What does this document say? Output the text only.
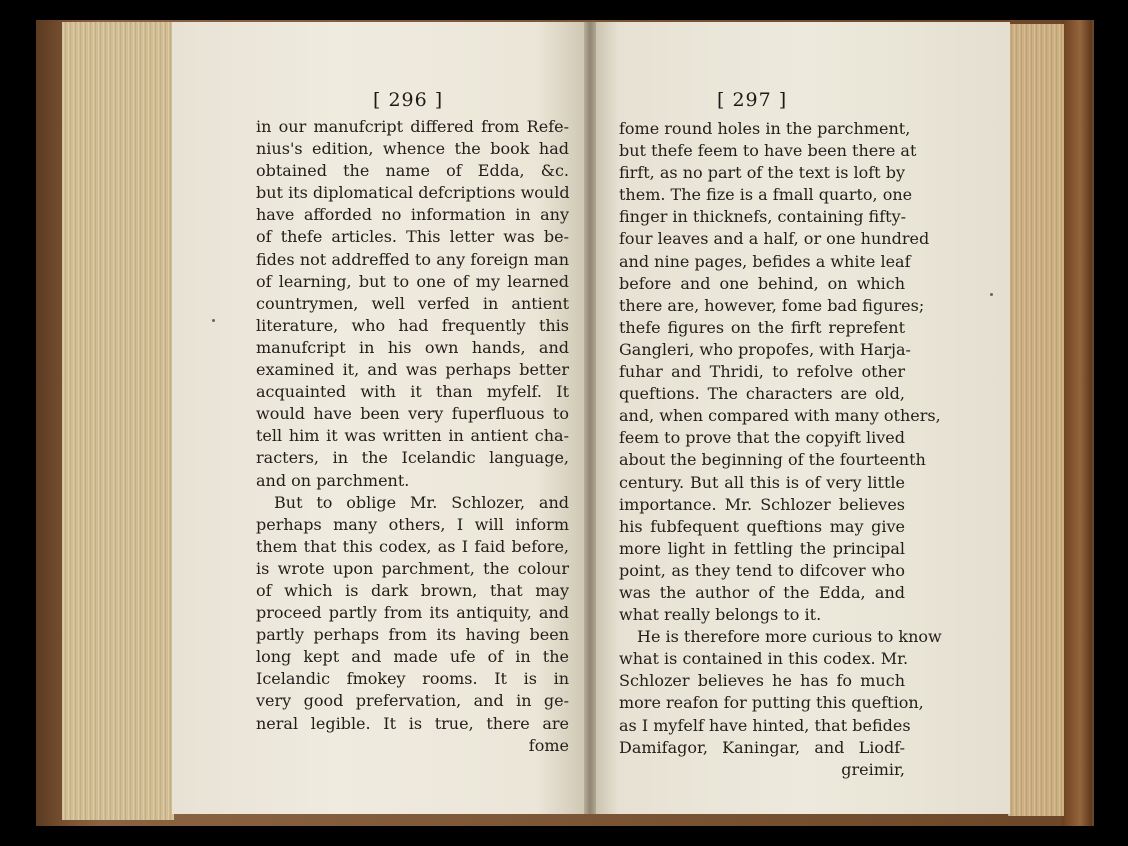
[ 296 ]	[ 297 ]
in our manufcript differed from Refe-
nius's edition, whence the book had
obtained the name of Edda, &c.
but its diplomatical defcriptions would
have afforded no information in any
of thefe articles. This letter was be-
fides not addreffed to any foreign man
of learning, but to one of my learned
countrymen, well verfed in antient
literature, who had frequently this
manufcript in his own hands, and
examined it, and was perhaps better
acquainted with it than myfelf. It
would have been very fuperfluous to
tell him it was written in antient cha-
racters, in the Icelandic language,
and on parchment.
But to oblige Mr. Schlozer, and
perhaps many others, I will inform
them that this codex, as I faid before,
is wrote upon parchment, the colour
of which is dark brown, that may
proceed partly from its antiquity, and
partly perhaps from its having been
long kept and made ufe of in the
Icelandic fmokey rooms. It is in
very good prefervation, and in ge-
neral legible. It is true, there are
fome
fome round holes in the parchment,
but thefe feem to have been there at
firft, as no part of the text is loft by
them. The fize is a fmall quarto, one
finger in thicknefs, containing fifty-
four leaves and a half, or one hundred
and nine pages, befides a white leaf
before and one behind, on which
there are, however, fome bad figures;
thefe figures on the firft reprefent
Gangleri, who propofes, with Harja-
fuhar and Thridi, to refolve other
queftions. The characters are old,
and, when compared with many others,
feem to prove that the copyift lived
about the beginning of the fourteenth
century. But all this is of very little
importance. Mr. Schlozer believes
his fubfequent queftions may give
more light in fettling the principal
point, as they tend to difcover who
was the author of the Edda, and
what really belongs to it.
He is therefore more curious to know
what is contained in this codex. Mr.
Schlozer believes he has fo much
more reafon for putting this queftion,
as I myfelf have hinted, that befides
Damifagor, Kaningar, and Liodf-
greimir,
